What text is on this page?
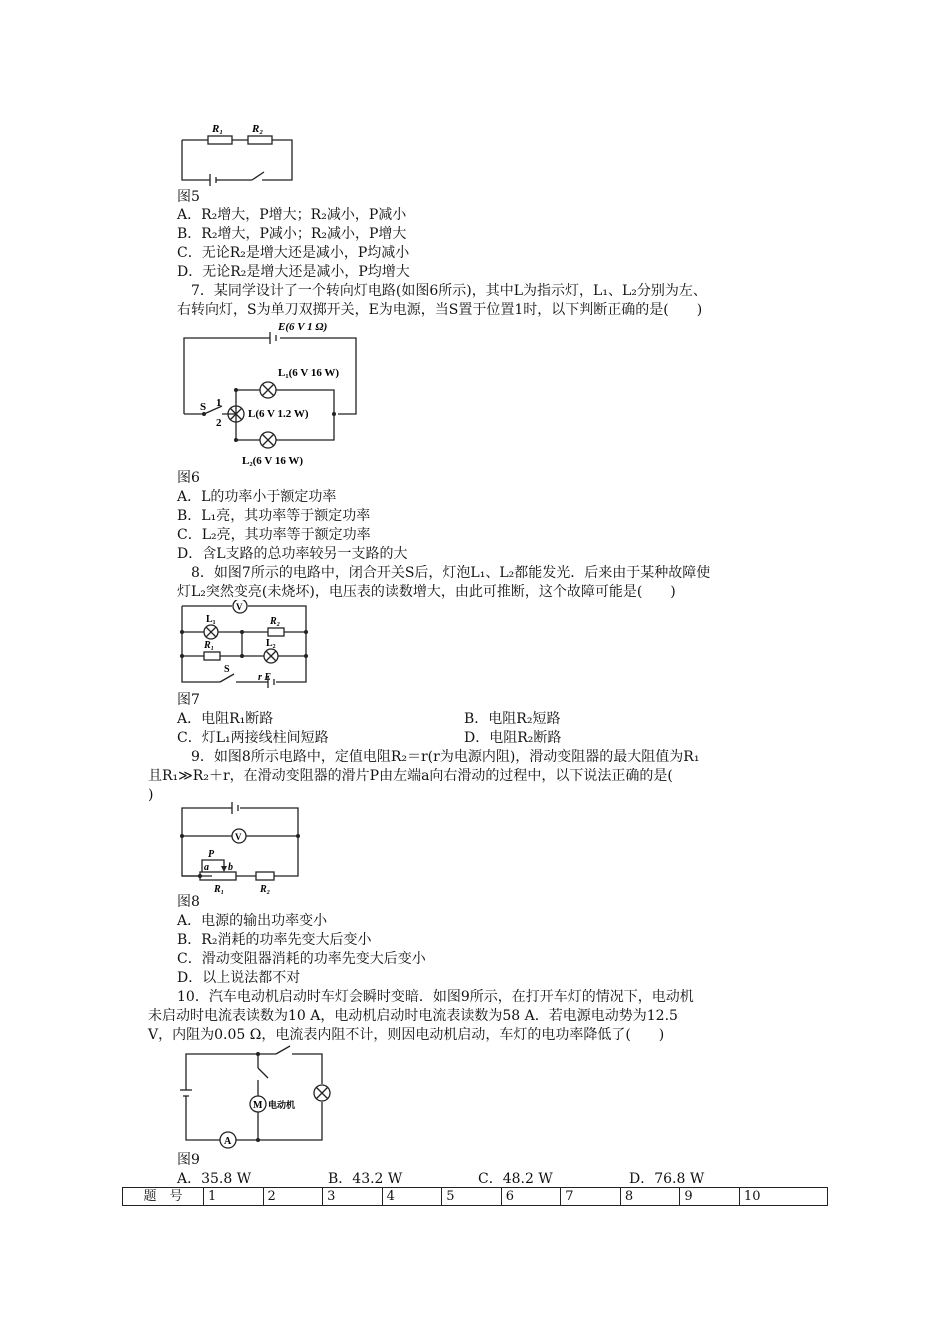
R₁	R₂
图5
A．R₂增大，P增大；R₂减小，P减小
B．R₂增大，P减小；R₂减小，P增大
C．无论R₂是增大还是减小，P均减小
D．无论R₂是增大还是减小，P均增大
7．某同学设计了一个转向灯电路(如图6所示)，其中L为指示灯，L₁、L₂分别为左、
右转向灯，S为单刀双掷开关，E为电源，当S置于位置1时，以下判断正确的是(　　)
E(6 V 1 Ω)
L₁(6 V 16 W)
L(6 V 1.2 W)
L₂(6 V 16 W)
S 1
2
图6
A．L的功率小于额定功率
B．L₁亮，其功率等于额定功率
C．L₂亮，其功率等于额定功率
D．含L支路的总功率较另一支路的大
8．如图7所示的电路中，闭合开关S后，灯泡L₁、L₂都能发光．后来由于某种故障使
灯L₂突然变亮(未烧坏)，电压表的读数增大，由此可推断，这个故障可能是(　　)
V
L₁	R₂
R₁	L₂
S
r E
图7
A．电阻R₁断路	B．电阻R₂短路
C．灯L₁两接线柱间短路	D．电阻R₂断路
9．如图8所示电路中，定值电阻R₂＝r(r为电源内阻)，滑动变阻器的最大阻值为R₁
且R₁≫R₂＋r，在滑动变阻器的滑片P由左端a向右滑动的过程中，以下说法正确的是(
)
V
P
a b
R₁	R₂
图8
A．电源的输出功率变小
B．R₂消耗的功率先变大后变小
C．滑动变阻器消耗的功率先变大后变小
D．以上说法都不对
10．汽车电动机启动时车灯会瞬时变暗．如图9所示，在打开车灯的情况下，电动机
未启动时电流表读数为10 A，电动机启动时电流表读数为58 A．若电源电动势为12.5
V，内阻为0.05 Ω，电流表内阻不计，则因电动机启动，车灯的电功率降低了(　　)
M 电动机
A
图9
A．35.8 W	B．43.2 W	C．48.2 W	D．76.8 W
题　号	1	2	3	4	5	6	7	8	9	10
